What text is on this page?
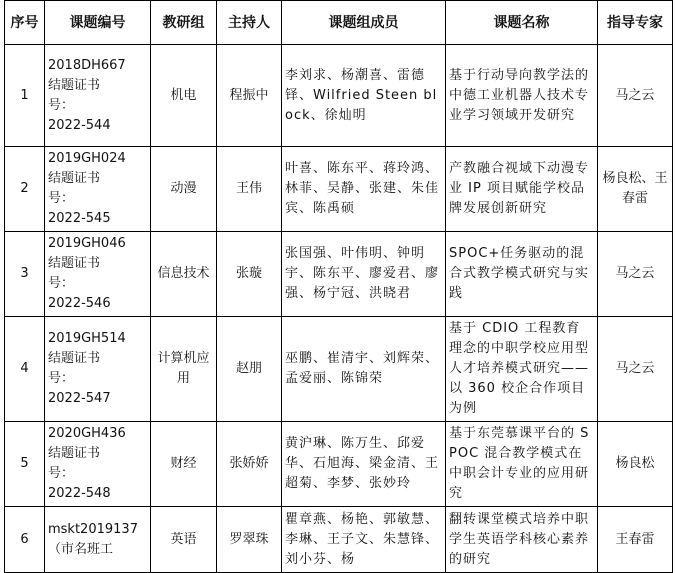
序号	课题编号	教研组	主持人	课题组成员	课题名称	指导专家
1	2018DH667
结题证书
号：
2022-544	机电	程振中	李刘求、杨潮喜、雷德铎、Wilfried Steen block、徐灿明	基于行动导向教学法的中德工业机器人技术专业学习领域开发研究	马之云
2	2019GH024
结题证书
号：
2022-545	动漫	王伟	叶喜、陈东平、蒋玲鸿、林菲、吴静、张建、朱佳宾、陈禹硕	产教融合视域下动漫专业 IP 项目赋能学校品牌发展创新研究	杨良松、王春雷
3	2019GH046
结题证书
号：
2022-546	信息技术	张璇	张国强、叶伟明、钟明宇、陈东平、廖爱君、廖强、杨宁冠、洪晓君	SPOC+任务驱动的混合式教学模式研究与实践	马之云
4	2019GH514
结题证书
号：
2022-547	计算机应用	赵朋	巫鹏、崔清宇、刘辉荣、孟爱丽、陈锦荣	基于 CDIO 工程教育理念的中职学校应用型人才培养模式研究——以 360 校企合作项目为例	马之云
5	2020GH436
结题证书
号：
2022-548	财经	张娇娇	黄沪琳、陈万生、邱爱华、石旭海、梁金清、王超菊、李梦、张妙玲	基于东莞慕课平台的 SPOC 混合教学模式在中职会计专业的应用研究	杨良松
6	mskt2019137
（市名班工	英语	罗翠珠	瞿章燕、杨艳、郭敏慧、李琳、王子文、朱慧锋、刘小芬、杨	翻转课堂模式培养中职学生英语学科核心素养的研究	王春雷
